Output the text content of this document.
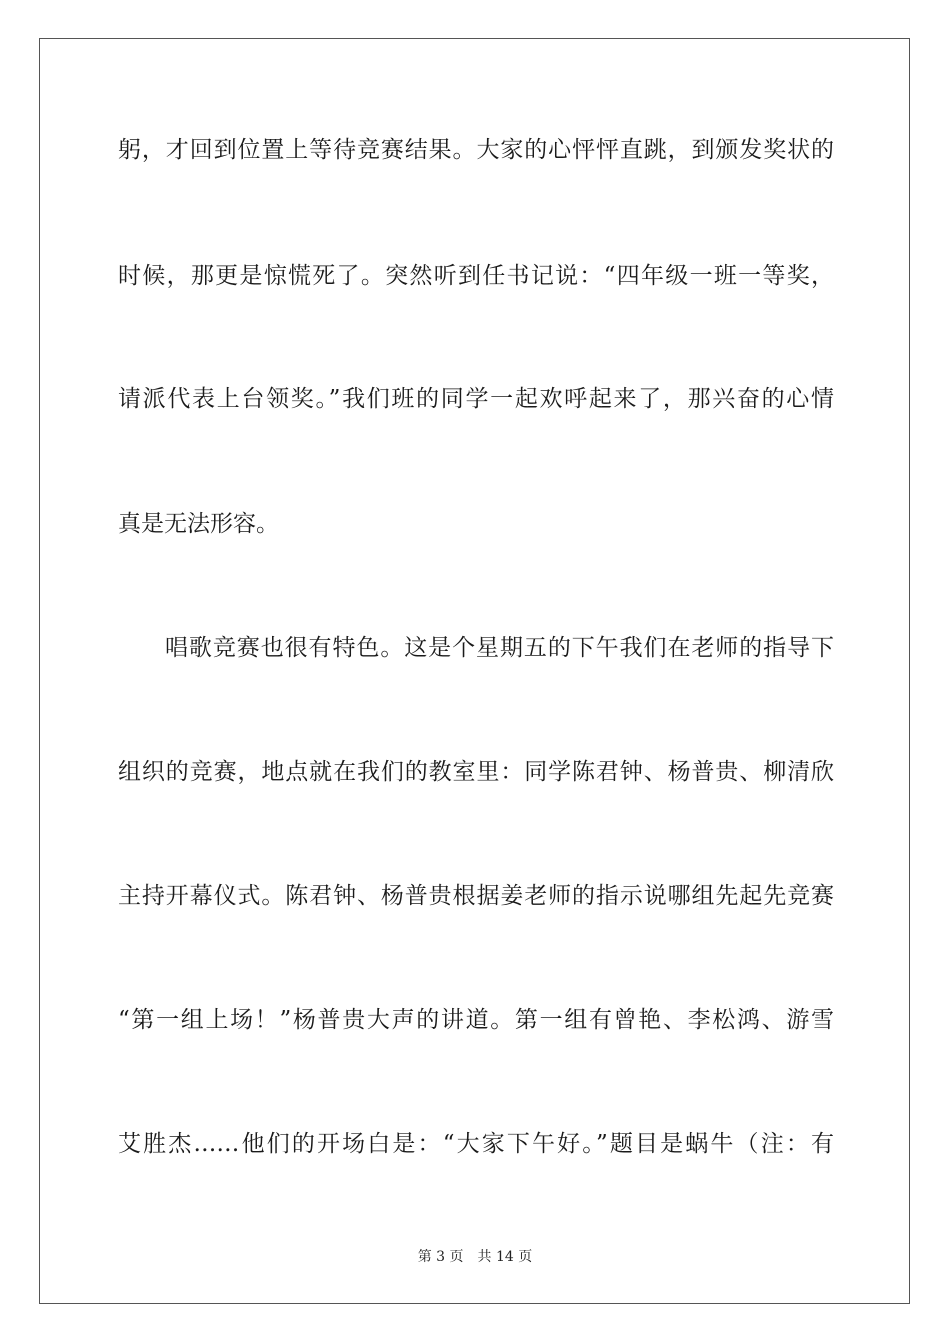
躬，才回到位置上等待竞赛结果。大家的心怦怦直跳，到颁发奖状的
时候，那更是惊慌死了。突然听到任书记说：“四年级一班一等奖，
请派代表上台领奖。”我们班的同学一起欢呼起来了，那兴奋的心情
真是无法形容。
唱歌竞赛也很有特色。这是个星期五的下午我们在老师的指导下
组织的竞赛，地点就在我们的教室里：同学陈君钟、杨普贵、柳清欣
主持开幕仪式。陈君钟、杨普贵根据姜老师的指示说哪组先起先竞赛
“第一组上场！”杨普贵大声的讲道。第一组有曾艳、李松鸿、游雪
艾胜杰……他们的开场白是：“大家下午好。”题目是蜗牛（注：有
第 3 页 共 14 页
